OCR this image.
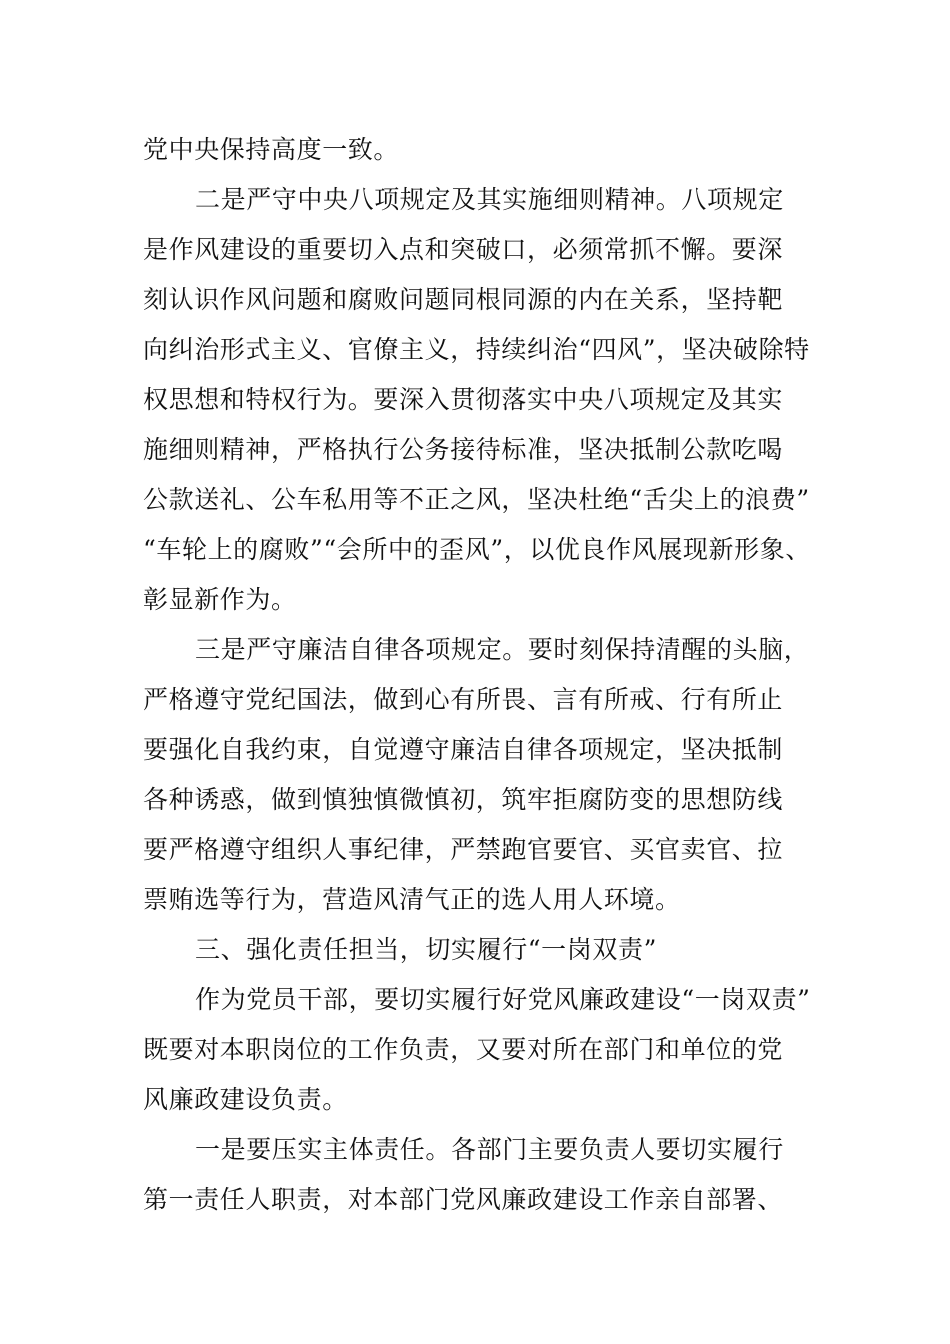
党中央保持高度一致。
二是严守中央八项规定及其实施细则精神。八项规定
是作风建设的重要切入点和突破口，必须常抓不懈。要深
刻认识作风问题和腐败问题同根同源的内在关系，坚持靶
向纠治形式主义、官僚主义，持续纠治“四风”，坚决破除特
权思想和特权行为。要深入贯彻落实中央八项规定及其实
施细则精神，严格执行公务接待标准，坚决抵制公款吃喝
公款送礼、公车私用等不正之风，坚决杜绝“舌尖上的浪费”
“车轮上的腐败”“会所中的歪风”，以优良作风展现新形象、
彰显新作为。
三是严守廉洁自律各项规定。要时刻保持清醒的头脑，
严格遵守党纪国法，做到心有所畏、言有所戒、行有所止
要强化自我约束，自觉遵守廉洁自律各项规定，坚决抵制
各种诱惑，做到慎独慎微慎初，筑牢拒腐防变的思想防线
要严格遵守组织人事纪律，严禁跑官要官、买官卖官、拉
票贿选等行为，营造风清气正的选人用人环境。
三、强化责任担当，切实履行“一岗双责”
作为党员干部，要切实履行好党风廉政建设“一岗双责”
既要对本职岗位的工作负责，又要对所在部门和单位的党
风廉政建设负责。
一是要压实主体责任。各部门主要负责人要切实履行
第一责任人职责，对本部门党风廉政建设工作亲自部署、
